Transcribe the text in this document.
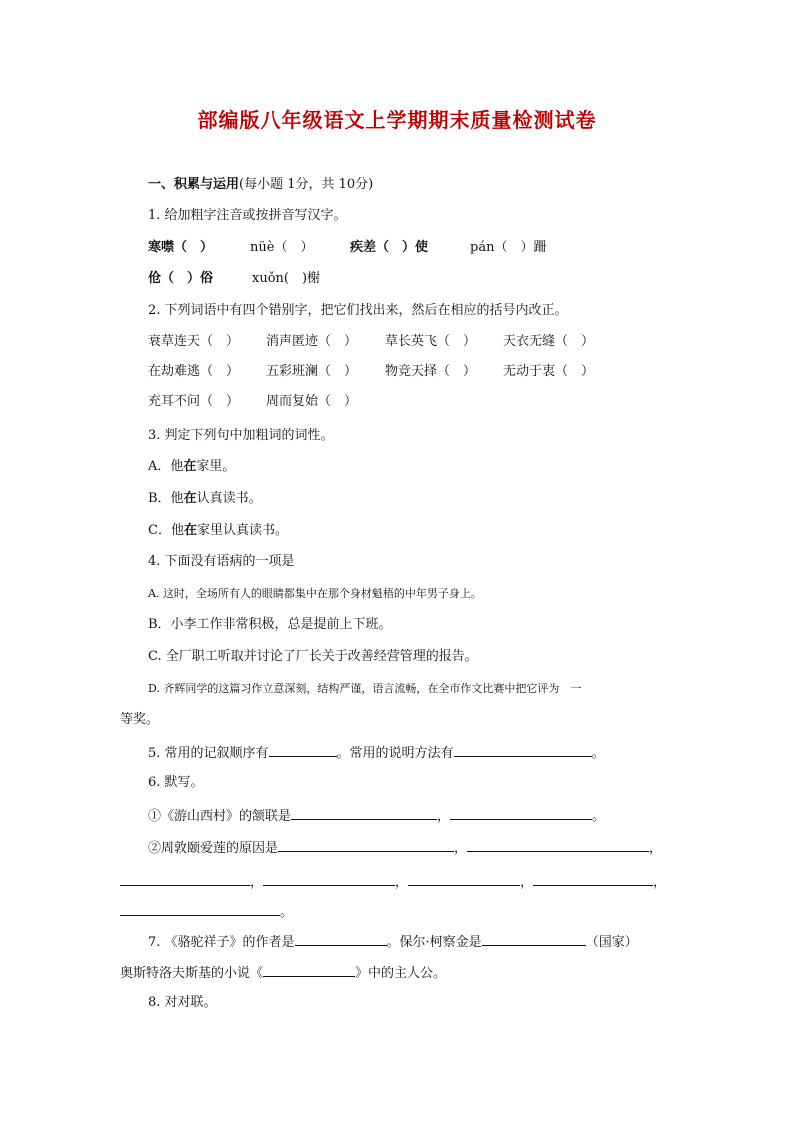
部编版八年级语文上学期期末质量检测试卷
一、积累与运用(每小题 1分，共 10分)
1. 给加粗字注音或按拼音写汉字。
寒噤（　）	nüè（　）	疾差（　）使	pán（　）跚
伧（　）俗	xuǒn(　)榭
2. 下列词语中有四个错别字，把它们找出来，然后在相应的括号内改正。
衰草连天（　） 消声匿迹（　） 草长英飞（　） 天衣无缝（　）
在劫难逃（　） 五彩班澜（　） 物竞天择（　） 无动于衷（　）
充耳不问（　） 周而复始（　）
3. 判定下列句中加粗词的词性。
A．他在家里。
B．他在认真读书。
C．他在家里认真读书。
4. 下面没有语病的一项是
A. 这时，全场所有人的眼睛都集中在那个身材魁梧的中年男子身上。
B．小李工作非常积极，总是提前上下班。
C. 全厂职工听取并讨论了厂长关于改善经营管理的报告。
D. 齐辉同学的这篇习作立意深刻，结构严谨，语言流畅，在全市作文比赛中把它评为　一
等奖。
5. 常用的记叙顺序有	。常用的说明方法有	。
6. 默写。
①《游山西村》的颔联是	，	。
②周敦颐爱莲的原因是	，	，
，	，	，	，
。
7. 《骆驼祥子》的作者是	。保尔·柯察金是	（国家）
奥斯特洛夫斯基的小说《	》中的主人公。
8. 对对联。
